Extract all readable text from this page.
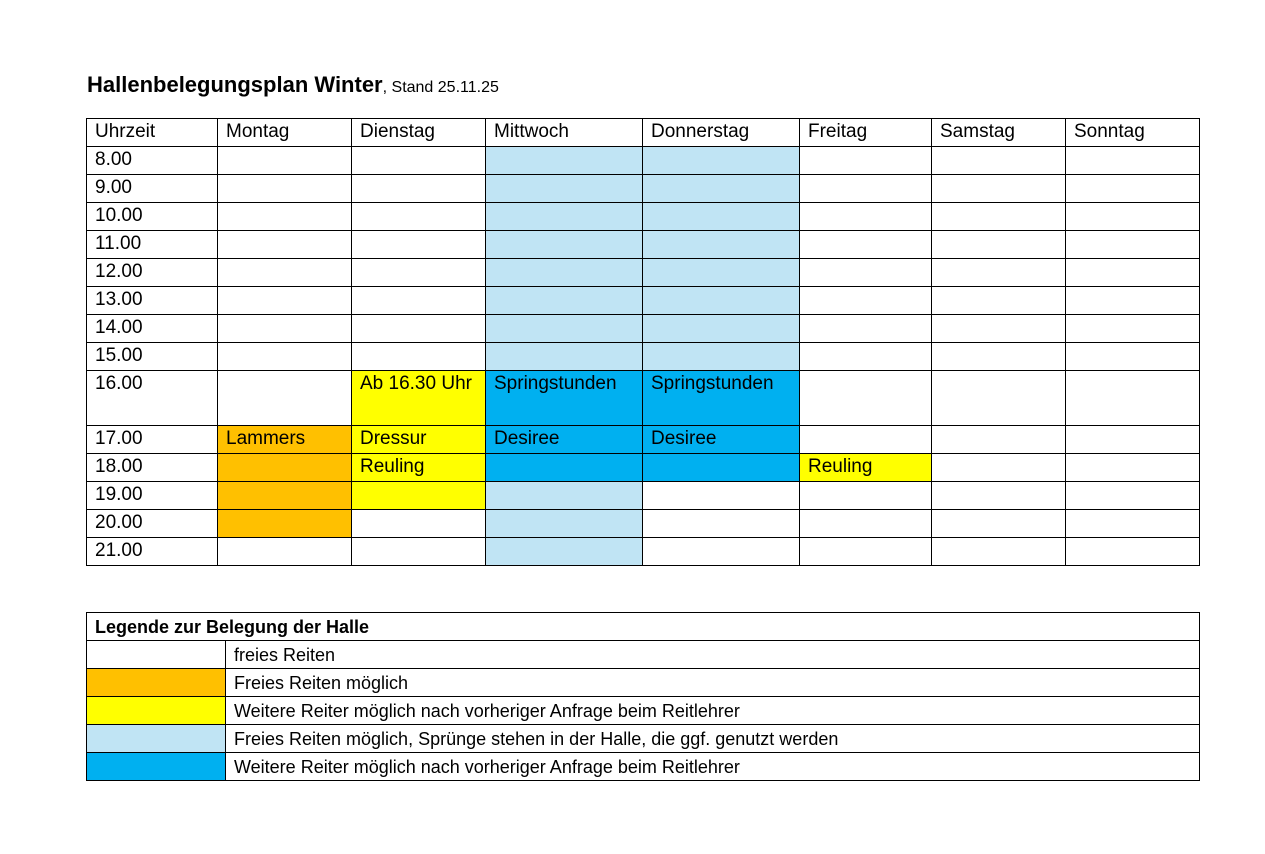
Hallenbelegungsplan Winter, Stand 25.11.25
Uhrzeit	Montag	Dienstag	Mittwoch	Donnerstag	Freitag	Samstag	Sonntag
8.00							
9.00							
10.00							
11.00							
12.00							
13.00							
14.00							
15.00							
16.00		Ab 16.30 Uhr	Springstunden	Springstunden			
17.00	Lammers	Dressur	Desiree	Desiree			
18.00		Reuling			Reuling		
19.00							
20.00							
21.00							
Legende zur Belegung der Halle	
	freies Reiten
	Freies Reiten möglich
	Weitere Reiter möglich nach vorheriger Anfrage beim Reitlehrer
	Freies Reiten möglich, Sprünge stehen in der Halle, die ggf. genutzt werden
	Weitere Reiter möglich nach vorheriger Anfrage beim Reitlehrer
